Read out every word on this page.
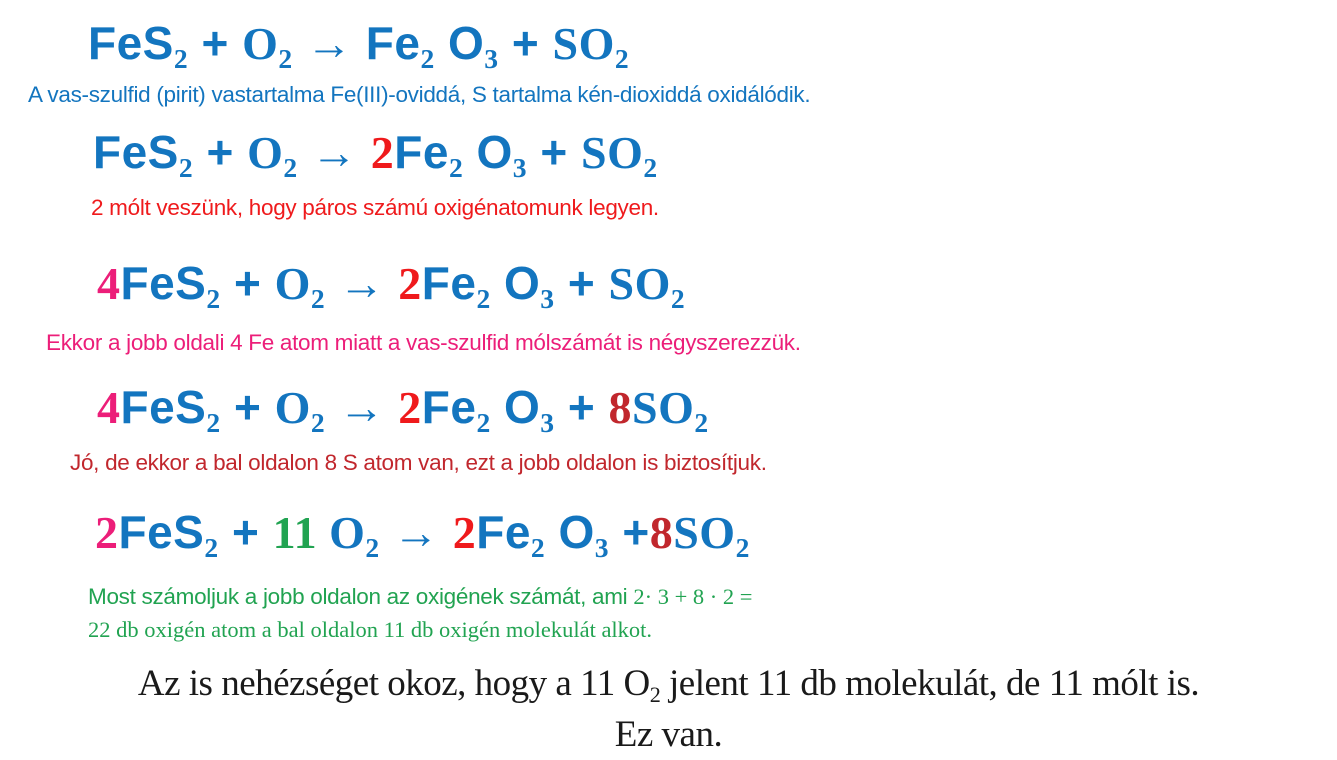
$FeS_2 + O_2 \to Fe_2$ $O_3 + SO_2$
A vas-szulfid (pirit) vastartalma Fe(III)-oviddá, S tartalma kén-dioxiddá oxidálódik.
$FeS_2 + O_2 \to 2Fe_2$ $O_3 + SO_2$
2 mólt veszünk, hogy páros számú oxigénatomunk legyen.
$4FeS_2 + O_2 \to 2Fe_2$ $O_3 + SO_2$
Ekkor a jobb oldali 4 Fe atom miatt a vas-szulfid mólszámát is négyszerezzük.
$4FeS_2 + O_2 \to 2Fe_2$ $O_3 + 8SO_2$
Jó, de ekkor a bal oldalon 8 S atom van, ezt a jobb oldalon is biztosítjuk.
2FeS$_2$ + 11 $O_2 \to 2Fe_2$ $O_3 +8SO_2$
Most számoljuk a jobb oldalon az oxigének számát, ami 2· 3 + 8 · 2 =
22 db oxigén atom a bal oldalon 11 db oxigén molekulát alkot.
Az is nehézséget okoz, hogy a 11 $O_2$ jelent 11 db molekulát, de 11 mólt is.
Ez van.
